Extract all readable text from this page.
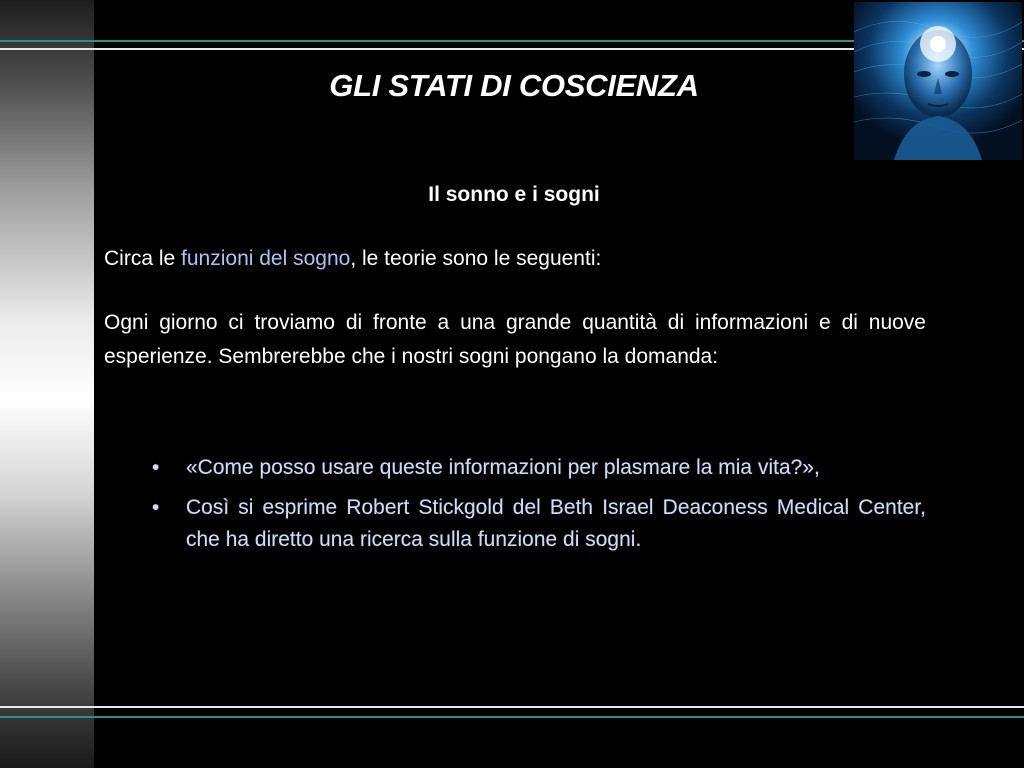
GLI STATI DI COSCIENZA
Il sonno e i sogni
Circa le funzioni del sogno, le teorie sono le seguenti:
Ogni giorno ci troviamo di fronte a una grande quantità di informazioni e di nuove esperienze. Sembrerebbe che i nostri sogni pongano la domanda:
• «Come posso usare queste informazioni per plasmare la mia vita?»,
• Così si esprime Robert Stickgold del Beth Israel Deaconess Medical Center, che ha diretto una ricerca sulla funzione di sogni.
